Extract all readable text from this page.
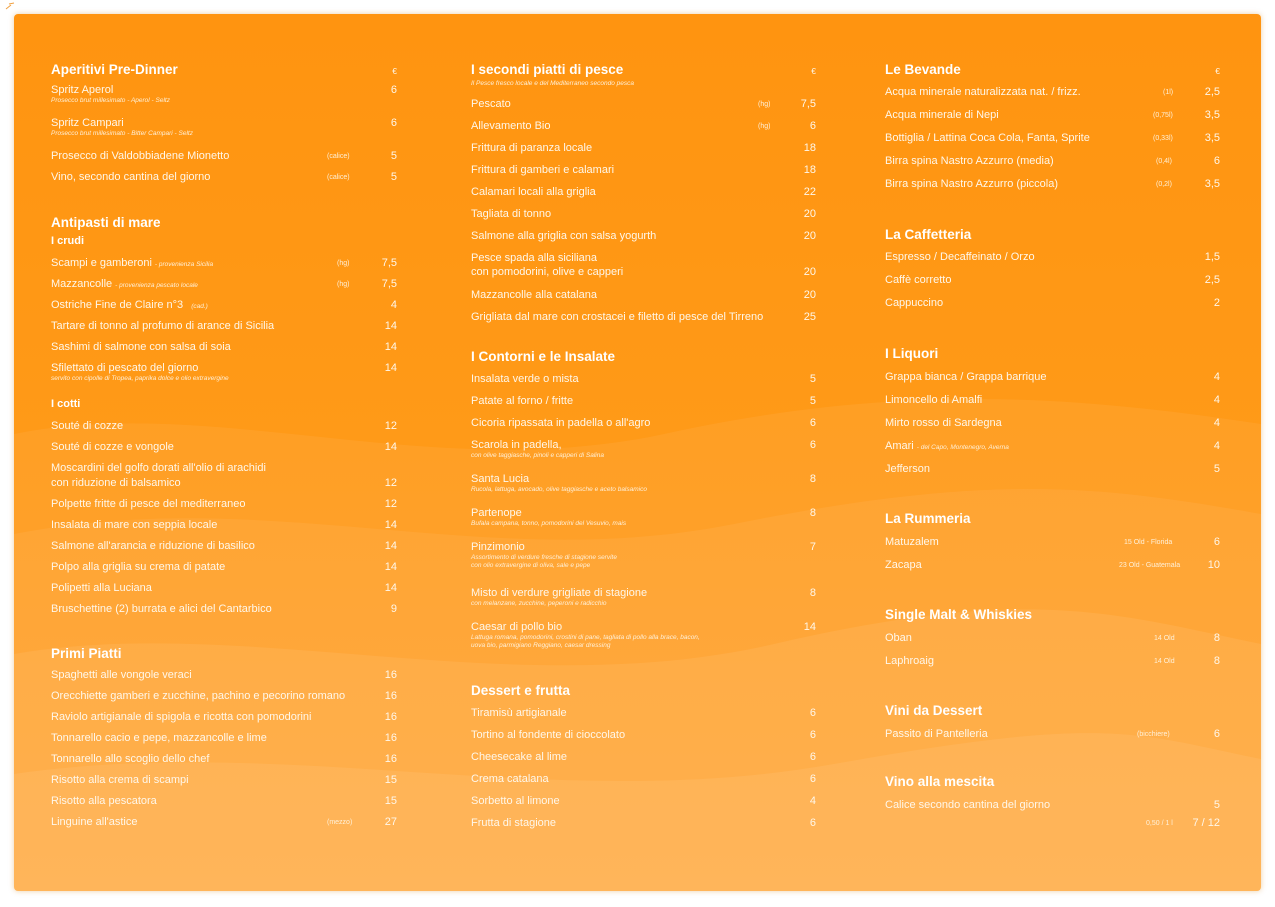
Aperitivi Pre-Dinner	€
Spritz Aperol
Prosecco brut millesimato - Aperol - Seltz
6
Spritz Campari
Prosecco brut millesimato - Bitter Campari - Seltz
6
Prosecco di Valdobbiadene Mionetto	(calice)	5
Vino, secondo cantina del giorno	(calice)	5
Antipasti di mare
I crudi
Scampi e gamberoni - provenienza Sicilia	(hg)	7,5
Mazzancolle - provenienza pescato locale	(hg)	7,5
Ostriche Fine de Claire n°3 (cad.)	4
Tartare di tonno al profumo di arance di Sicilia	14
Sashimi di salmone con salsa di soia	14
Sfilettato di pescato del giorno
servito con cipolle di Tropea, paprika dolce e olio extravergine
14
I cotti
Souté di cozze	12
Souté di cozze e vongole	14
Moscardini del golfo dorati all'olio di arachidi
con riduzione di balsamico	12
Polpette fritte di pesce del mediterraneo	12
Insalata di mare con seppia locale	14
Salmone all'arancia e riduzione di basilico	14
Polpo alla griglia su crema di patate	14
Polipetti alla Luciana	14
Bruschettine (2) burrata e alici del Cantarbico	9
Primi Piatti
Spaghetti alle vongole veraci	16
Orecchiette gamberi e zucchine, pachino e pecorino romano	16
Raviolo artigianale di spigola e ricotta con pomodorini	16
Tonnarello cacio e pepe, mazzancolle e lime	16
Tonnarello allo scoglio dello chef	16
Risotto alla crema di scampi	15
Risotto alla pescatora	15
Linguine all'astice	(mezzo)	27
I secondi piatti di pesce
Il Pesce fresco locale e del Mediterraneo secondo pesca
€
Pescato	(hg)	7,5
Allevamento Bio	(hg)	6
Frittura di paranza locale	18
Frittura di gamberi e calamari	18
Calamari locali alla griglia	22
Tagliata di tonno	20
Salmone alla griglia con salsa yogurth	20
Pesce spada alla siciliana
con pomodorini, olive e capperi	20
Mazzancolle alla catalana	20
Grigliata dal mare con crostacei e filetto di pesce del Tirreno	25
I Contorni e le Insalate
Insalata verde o mista	5
Patate al forno / fritte	5
Cicoria ripassata in padella o all'agro	6
Scarola in padella,
con olive taggiasche, pinoli e capperi di Salina
6
Santa Lucia
Rucola, lattuga, avocado, olive taggiasche e aceto balsamico
8
Partenope
Bufala campana, tonno, pomodorini del Vesuvio, mais
8
Pinzimonio
Assortimento di verdure fresche di stagione servite
con olio extravergine di oliva, sale e pepe
7
Misto di verdure grigliate di stagione
con melanzane, zucchine, peperoni e radicchio
8
Caesar di pollo bio
Lattuga romana, pomodorini, crostini di pane, tagliata di pollo alla brace, bacon,
uova bio, parmigiano Reggiano, caesar dressing
14
Dessert e frutta
Tiramisù artigianale	6
Tortino al fondente di cioccolato	6
Cheesecake al lime	6
Crema catalana	6
Sorbetto al limone	4
Frutta di stagione	6
Le Bevande	€
Acqua minerale naturalizzata nat. / frizz.	(1l)	2,5
Acqua minerale di Nepi	(0,75l)	3,5
Bottiglia / Lattina Coca Cola, Fanta, Sprite	(0,33l)	3,5
Birra spina Nastro Azzurro (media)	(0,4l)	6
Birra spina Nastro Azzurro (piccola)	(0,2l)	3,5
La Caffetteria
Espresso / Decaffeinato / Orzo	1,5
Caffè corretto	2,5
Cappuccino	2
I Liquori
Grappa bianca / Grappa barrique	4
Limoncello di Amalfi	4
Mirto rosso di Sardegna	4
Amari - del Capo, Montenegro, Averna	4
Jefferson	5
La Rummeria
Matuzalem	15 Old - Florida	6
Zacapa	23 Old - Guatemala	10
Single Malt & Whiskies
Oban	14 Old	8
Laphroaig	14 Old	8
Vini da Dessert
Passito di Pantelleria	(bicchiere)	6
Vino alla mescita
Calice secondo cantina del giorno	5
0,50 / 1 l 7 / 12
